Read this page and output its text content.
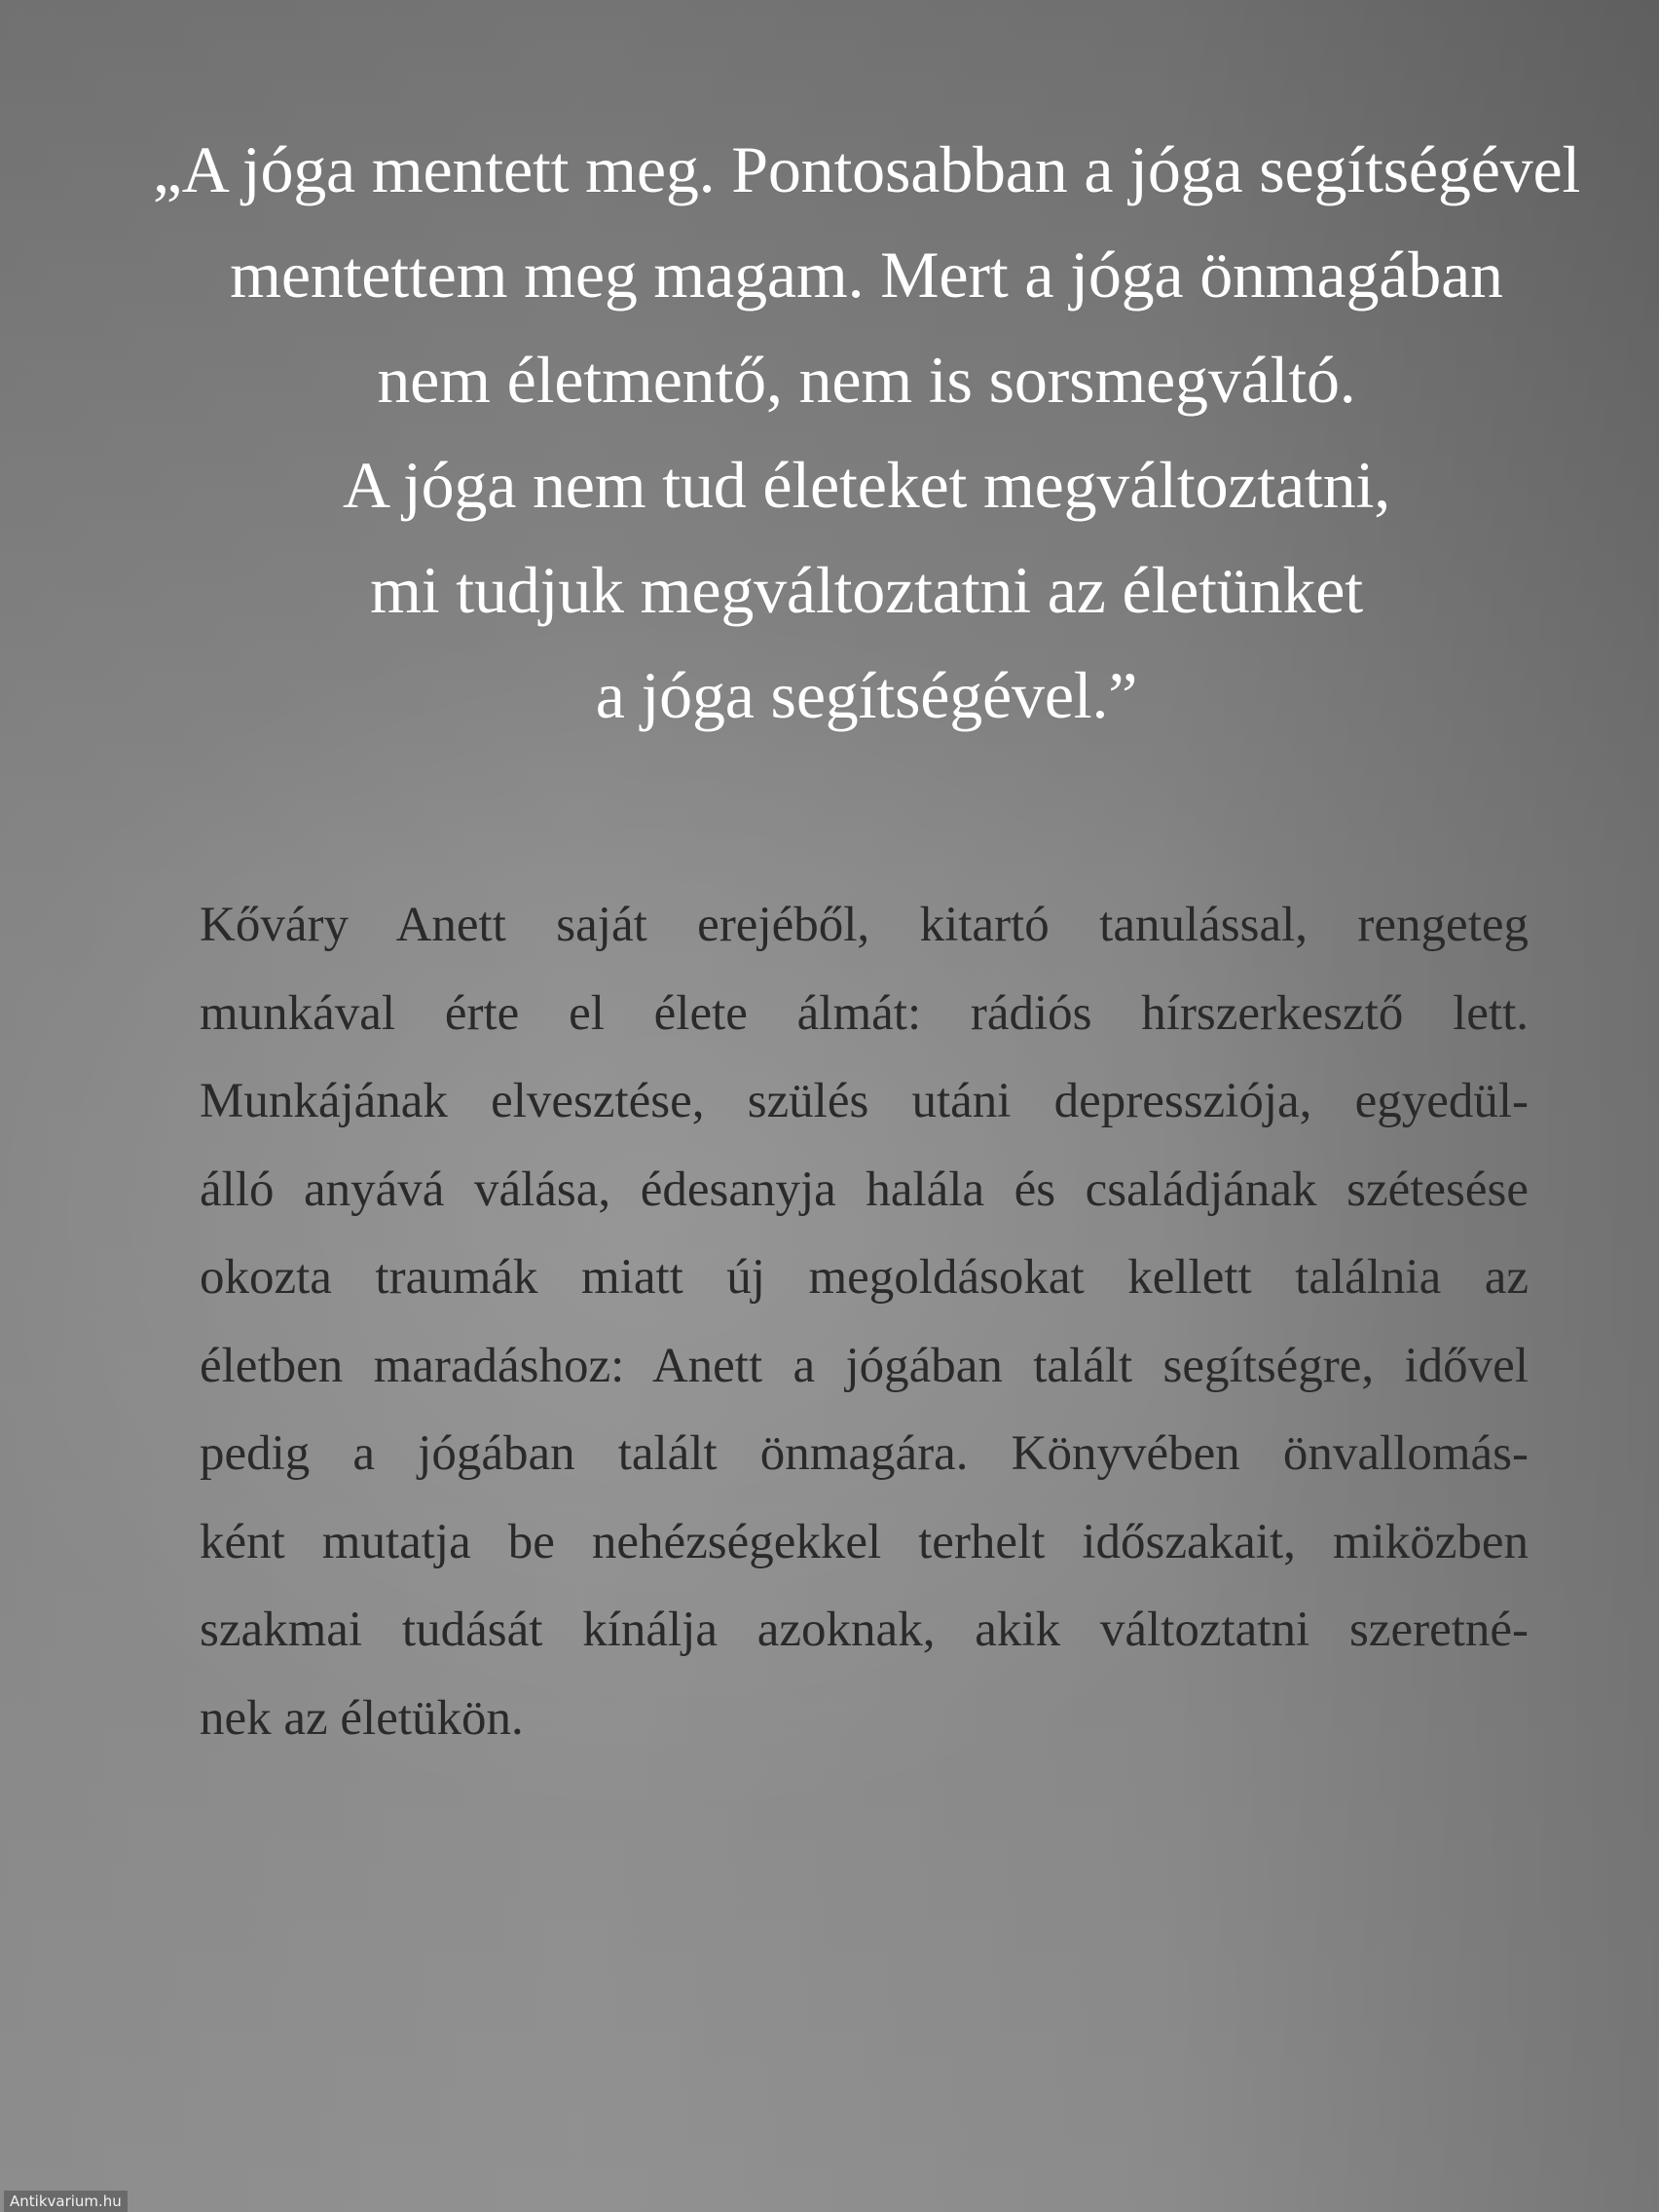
„A jóga mentett meg. Pontosabban a jóga segítségével
mentettem meg magam. Mert a jóga önmagában
nem életmentő, nem is sorsmegváltó.
A jóga nem tud életeket megváltoztatni,
mi tudjuk megváltoztatni az életünket
a jóga segítségével.”

Kőváry Anett saját erejéből, kitartó tanulással, rengeteg
munkával érte el élete álmát: rádiós hírszerkesztő lett.
Munkájának elvesztése, szülés utáni depressziója, egyedül-
álló anyává válása, édesanyja halála és családjának szétesése
okozta traumák miatt új megoldásokat kellett találnia az
életben maradáshoz: Anett a jógában talált segítségre, idővel
pedig a jógában talált önmagára. Könyvében önvallomás-
ként mutatja be nehézségekkel terhelt időszakait, miközben
szakmai tudását kínálja azoknak, akik változtatni szeretné-
nek az életükön.

Antikvarium.hu
